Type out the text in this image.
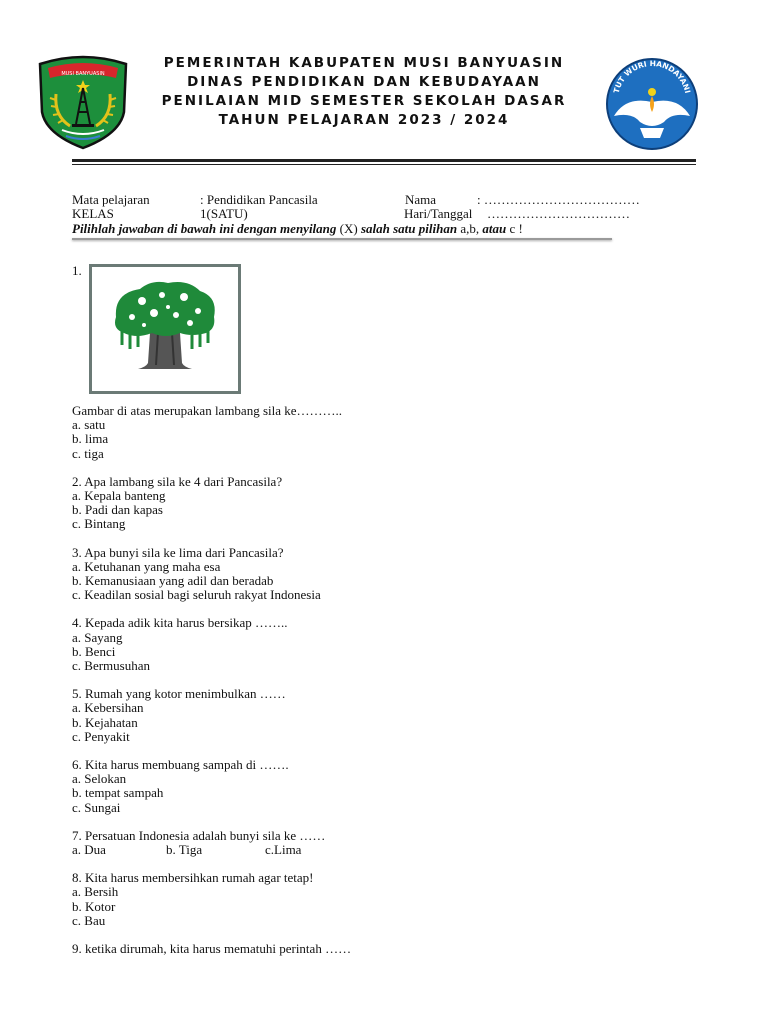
MUSI BANYUASIN
PEMERINTAH KABUPATEN MUSI BANYUASIN
DINAS PENDIDIKAN DAN KEBUDAYAAN
PENILAIAN MID SEMESTER SEKOLAH DASAR
TAHUN PELAJARAN 2023 / 2024
TUT WURI HANDAYANI
Mata pelajaran	: Pendidikan Pancasila	Nama	: ………………………………
KELAS	1(SATU)	Hari/Tanggal ……………………………
Pilihlah jawaban di bawah ini dengan menyilang (X) salah satu pilihan a,b, atau c !
1.
Gambar di atas merupakan lambang sila ke………..
a. satu
b. lima
c. tiga
2. Apa lambang sila ke 4 dari Pancasila?
a. Kepala banteng
b. Padi dan kapas
c. Bintang
3. Apa bunyi sila ke lima dari Pancasila?
a. Ketuhanan yang maha esa
b. Kemanusiaan yang adil dan beradab
c. Keadilan sosial bagi seluruh rakyat Indonesia
4. Kepada adik kita harus bersikap ……..
a. Sayang
b. Benci
c. Bermusuhan
5. Rumah yang kotor menimbulkan ……
a. Kebersihan
b. Kejahatan
c. Penyakit
6. Kita harus membuang sampah di …….
a. Selokan
b. tempat sampah
c. Sungai
7. Persatuan Indonesia adalah bunyi sila ke ……
a. Dua	b. Tiga	c.Lima
8. Kita harus membersihkan rumah agar tetap!
a. Bersih
b. Kotor
c. Bau
9. ketika dirumah, kita harus mematuhi perintah ……
